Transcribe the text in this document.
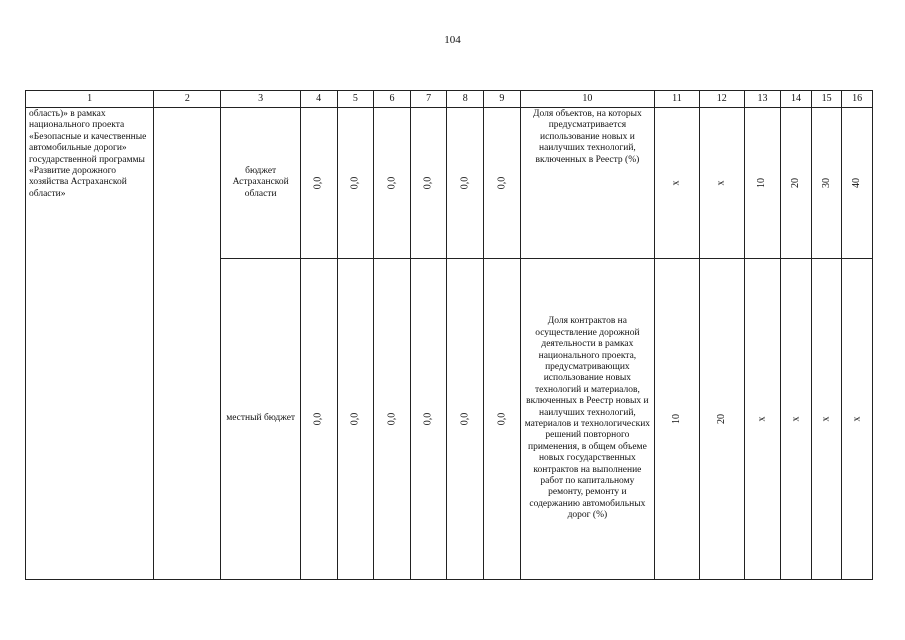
104
1	2	3	4	5	6	7	8	9	10	11	12	13	14	15	16
область)» в рамках национального проекта «Безопасные и качественные автомобильные дороги» государственной программы «Развитие дорожного хозяйства Астраханской области»		бюджет Астраханской области	0,0	0,0	0,0	0,0	0,0	0,0	Доля объектов, на которых предусматривается использование новых и наилучших технологий, включенных в Реестр (%)	x	x	10	20	30	40
		местный бюджет	0,0	0,0	0,0	0,0	0,0	0,0	Доля контрактов на осуществление дорожной деятельности в рамках национального проекта, предусматривающих использование новых технологий и материалов, включенных в Реестр новых и наилучших технологий, материалов и технологических решений повторного применения, в общем объеме новых государственных контрактов на выполнение работ по капитальному ремонту, ремонту и содержанию автомобильных дорог (%)	10	20	x	x	x	x
